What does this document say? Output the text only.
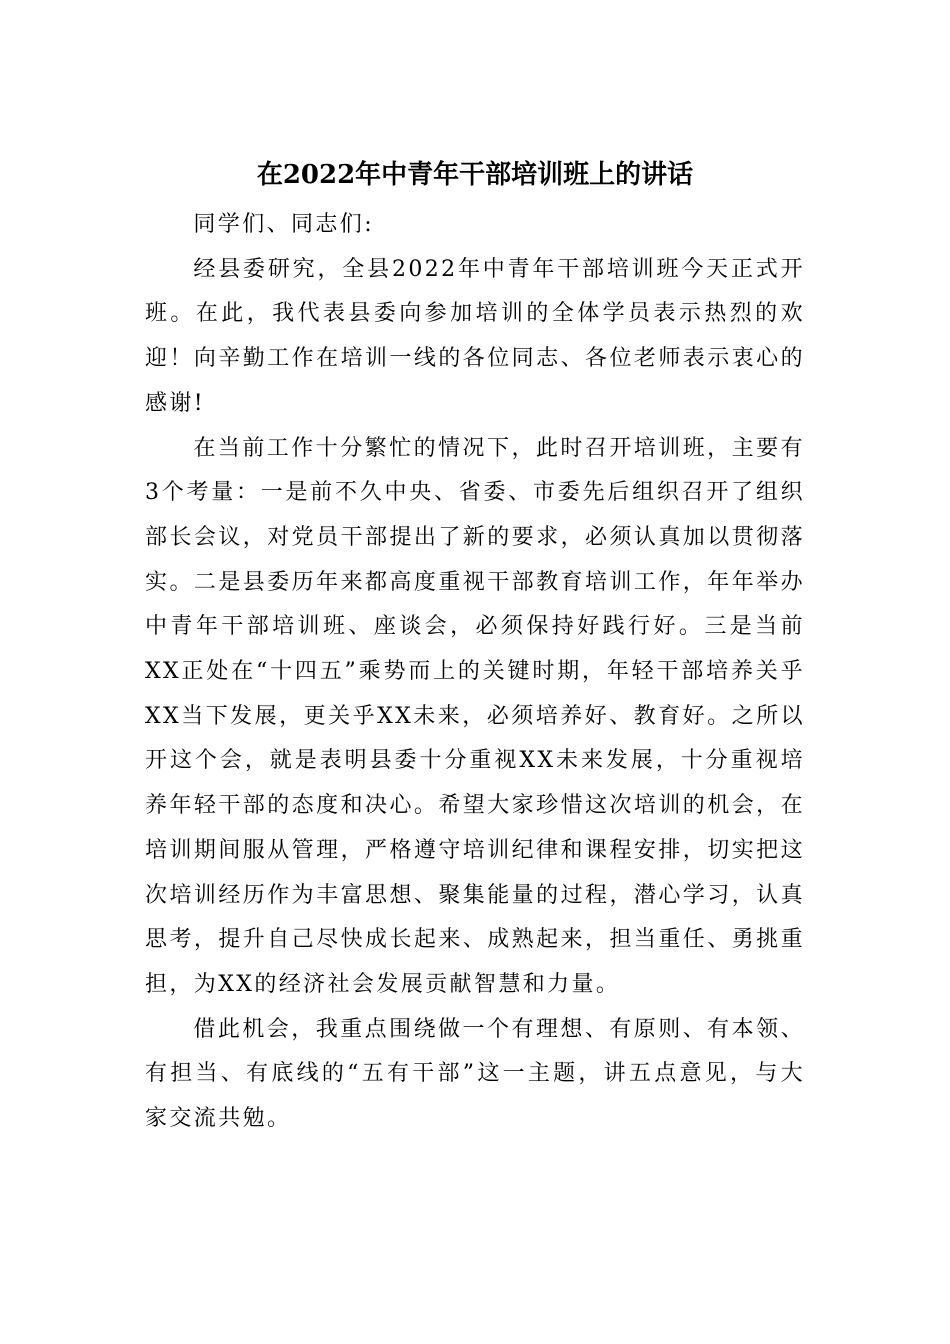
在2022年中青年干部培训班上的讲话

同学们、同志们:

经县委研究，全县2022年中青年干部培训班今天正式开班。在此，我代表县委向参加培训的全体学员表示热烈的欢迎！向辛勤工作在培训一线的各位同志、各位老师表示衷心的感谢!

在当前工作十分繁忙的情况下，此时召开培训班，主要有3个考量：一是前不久中央、省委、市委先后组织召开了组织部长会议，对党员干部提出了新的要求，必须认真加以贯彻落实。二是县委历年来都高度重视干部教育培训工作，年年举办中青年干部培训班、座谈会，必须保持好践行好。三是当前XX正处在“十四五”乘势而上的关键时期，年轻干部培养关乎XX当下发展，更关乎XX未来，必须培养好、教育好。之所以开这个会，就是表明县委十分重视XX未来发展，十分重视培养年轻干部的态度和决心。希望大家珍惜这次培训的机会，在培训期间服从管理，严格遵守培训纪律和课程安排，切实把这次培训经历作为丰富思想、聚集能量的过程，潜心学习，认真思考，提升自己尽快成长起来、成熟起来，担当重任、勇挑重担，为XX的经济社会发展贡献智慧和力量。

借此机会，我重点围绕做一个有理想、有原则、有本领、有担当、有底线的“五有干部”这一主题，讲五点意见，与大家交流共勉。
